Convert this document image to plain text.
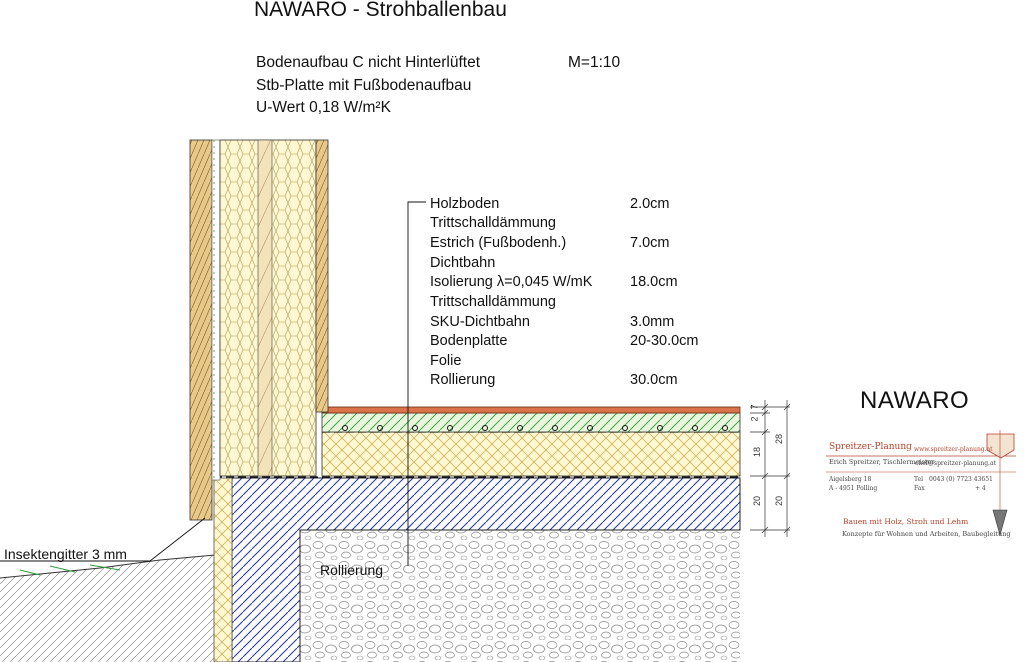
NAWARO - Strohballenbau
Bodenaufbau C nicht Hinterlüftet	M=1:10
Stb-Platte mit Fußbodenaufbau
U-Wert 0,18 W/m²K
Holzboden	2.0cm
Trittschalldämmung
Estrich (Fußbodenh.)	7.0cm
Dichtbahn
Isolierung λ=0,045 W/mK	18.0cm
Trittschalldämmung
SKU-Dichtbahn	3.0mm
Bodenplatte	20-30.0cm
Folie
Rollierung	30.0cm
Insektengitter 3 mm
Rollierung
7
2
18
28
20 20
NAWARO
Spreitzer-Planung www.spreitzer-planung.at
Erich Spreitzer, Tischlermeister
chef@spreitzer-planung.at
Aigelsberg 18
A - 4951 Polling
Tel 0043 (0) 7723 43651
Fax	+ 4
Bauen mit Holz, Stroh und Lehm
Konzepte für Wohnen und Arbeiten, Baubegleitung
